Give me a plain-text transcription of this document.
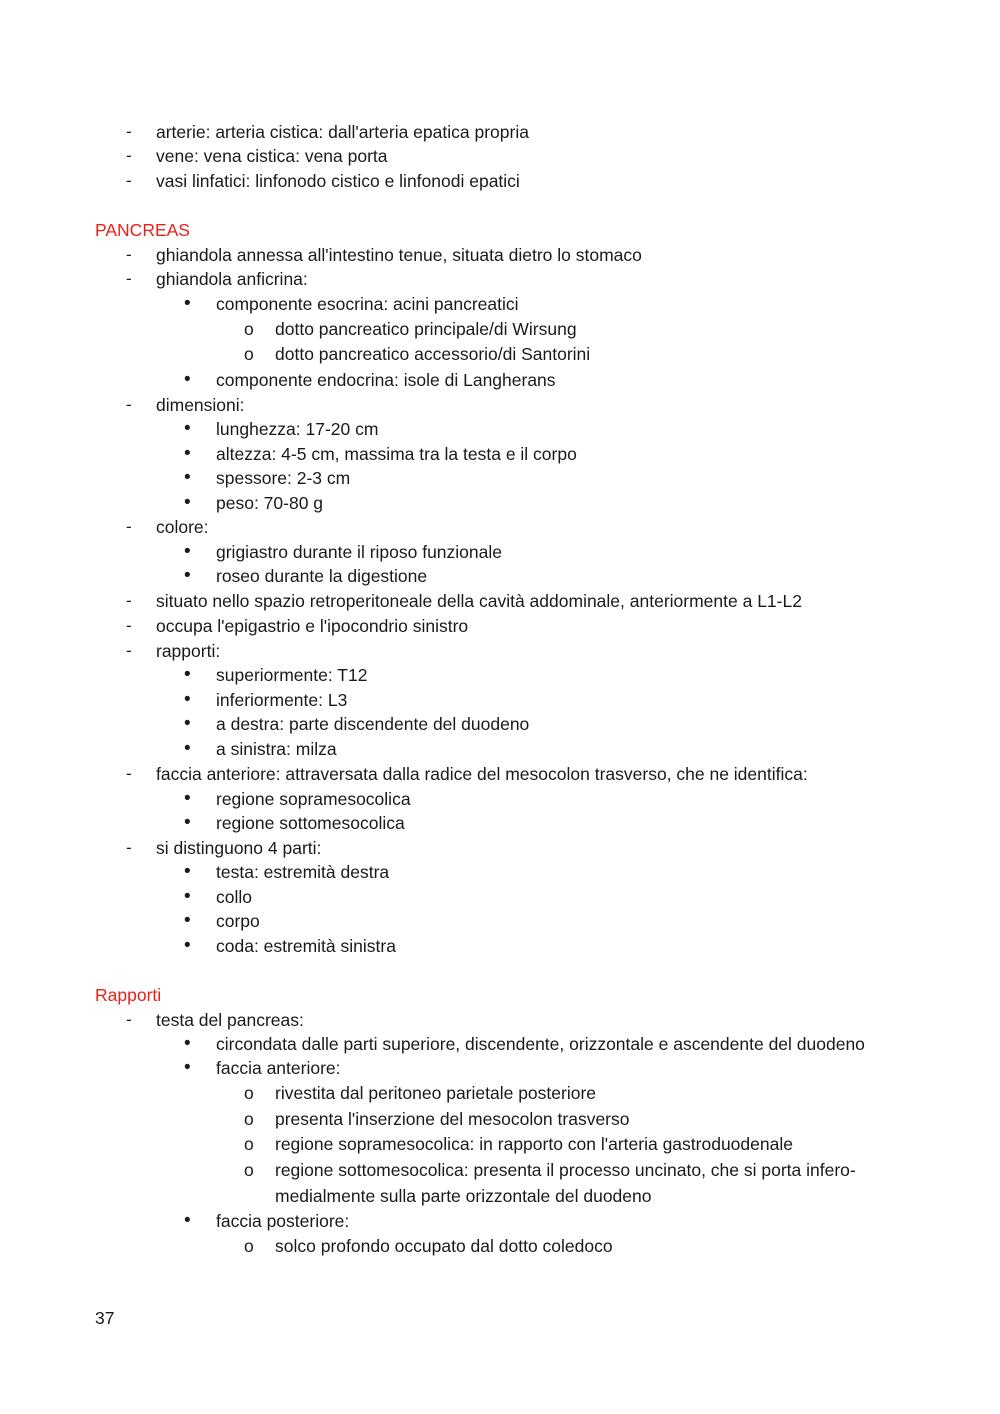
- arterie: arteria cistica: dall'arteria epatica propria
- vene: vena cistica: vena porta
- vasi linfatici: linfonodo cistico e linfonodi epatici
PANCREAS
- ghiandola annessa all'intestino tenue, situata dietro lo stomaco
- ghiandola anficrina:
• componente esocrina: acini pancreatici
o dotto pancreatico principale/di Wirsung
o dotto pancreatico accessorio/di Santorini
• componente endocrina: isole di Langherans
- dimensioni:
• lunghezza: 17-20 cm
• altezza: 4-5 cm, massima tra la testa e il corpo
• spessore: 2-3 cm
• peso: 70-80 g
- colore:
• grigiastro durante il riposo funzionale
• roseo durante la digestione
- situato nello spazio retroperitoneale della cavità addominale, anteriormente a L1-L2
- occupa l'epigastrio e l'ipocondrio sinistro
- rapporti:
• superiormente: T12
• inferiormente: L3
• a destra: parte discendente del duodeno
• a sinistra: milza
- faccia anteriore: attraversata dalla radice del mesocolon trasverso, che ne identifica:
• regione sopramesocolica
• regione sottomesocolica
- si distinguono 4 parti:
• testa: estremità destra
• collo
• corpo
• coda: estremità sinistra
Rapporti
- testa del pancreas:
• circondata dalle parti superiore, discendente, orizzontale e ascendente del duodeno
• faccia anteriore:
o rivestita dal peritoneo parietale posteriore
o presenta l'inserzione del mesocolon trasverso
o regione sopramesocolica: in rapporto con l'arteria gastroduodenale
o regione sottomesocolica: presenta il processo uncinato, che si porta infero-
medialmente sulla parte orizzontale del duodeno
• faccia posteriore:
o solco profondo occupato dal dotto coledoco
37
